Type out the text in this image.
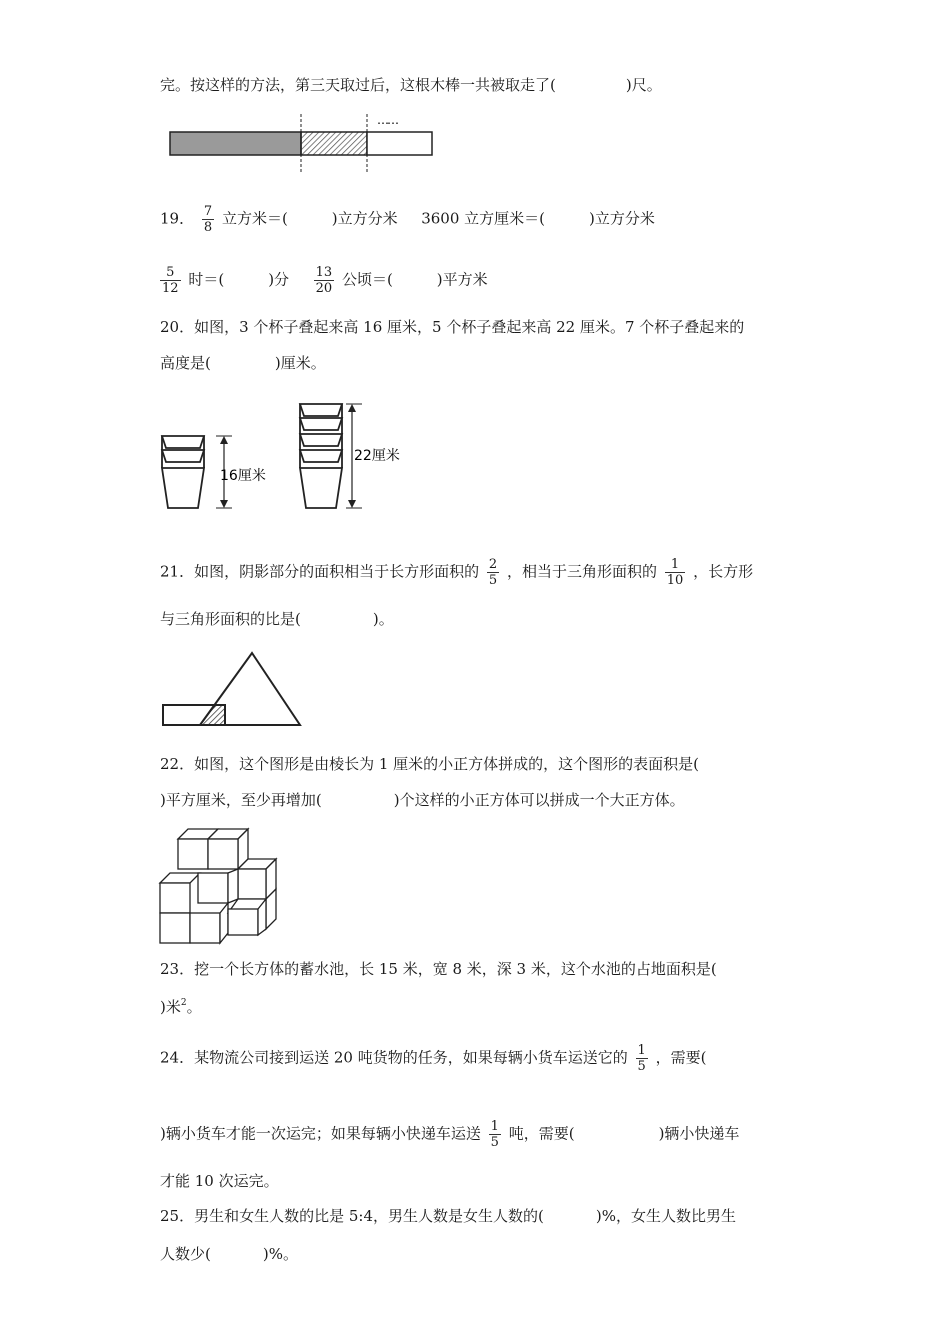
完。按这样的方法，第三天取过后，这根木棒一共被取走了(	)尺。
……
19． $\frac{7}{8}$ 立方米＝(	)立方分米 3600 立方厘米＝(	)立方分米
$\frac{5}{12}$ 时＝(	)分 $\frac{13}{20}$ 公顷＝(	)平方米
20．如图，3 个杯子叠起来高 16 厘米，5 个杯子叠起来高 22 厘米。7 个杯子叠起来的
高度是(	)厘米。
16厘米
22厘米
21．如图，阴影部分的面积相当于长方形面积的 $\frac{2}{5}$ ，相当于三角形面积的 $\frac{1}{10}$ ，长方形
与三角形面积的比是(	)。
22．如图，这个图形是由棱长为 1 厘米的小正方体拼成的，这个图形的表面积是(
)平方厘米，至少再增加(	)个这样的小正方体可以拼成一个大正方体。
23．挖一个长方体的蓄水池，长 15 米，宽 8 米，深 3 米，这个水池的占地面积是(
)米$^2$。
24．某物流公司接到运送 20 吨货物的任务，如果每辆小货车运送它的 $\frac{1}{5}$ ，需要(
)辆小货车才能一次运完；如果每辆小快递车运送 $\frac{1}{5}$ 吨，需要(	)辆小快递车
才能 10 次运完。
25．男生和女生人数的比是 5:4，男生人数是女生人数的(	)%，女生人数比男生
人数少(	)%。
